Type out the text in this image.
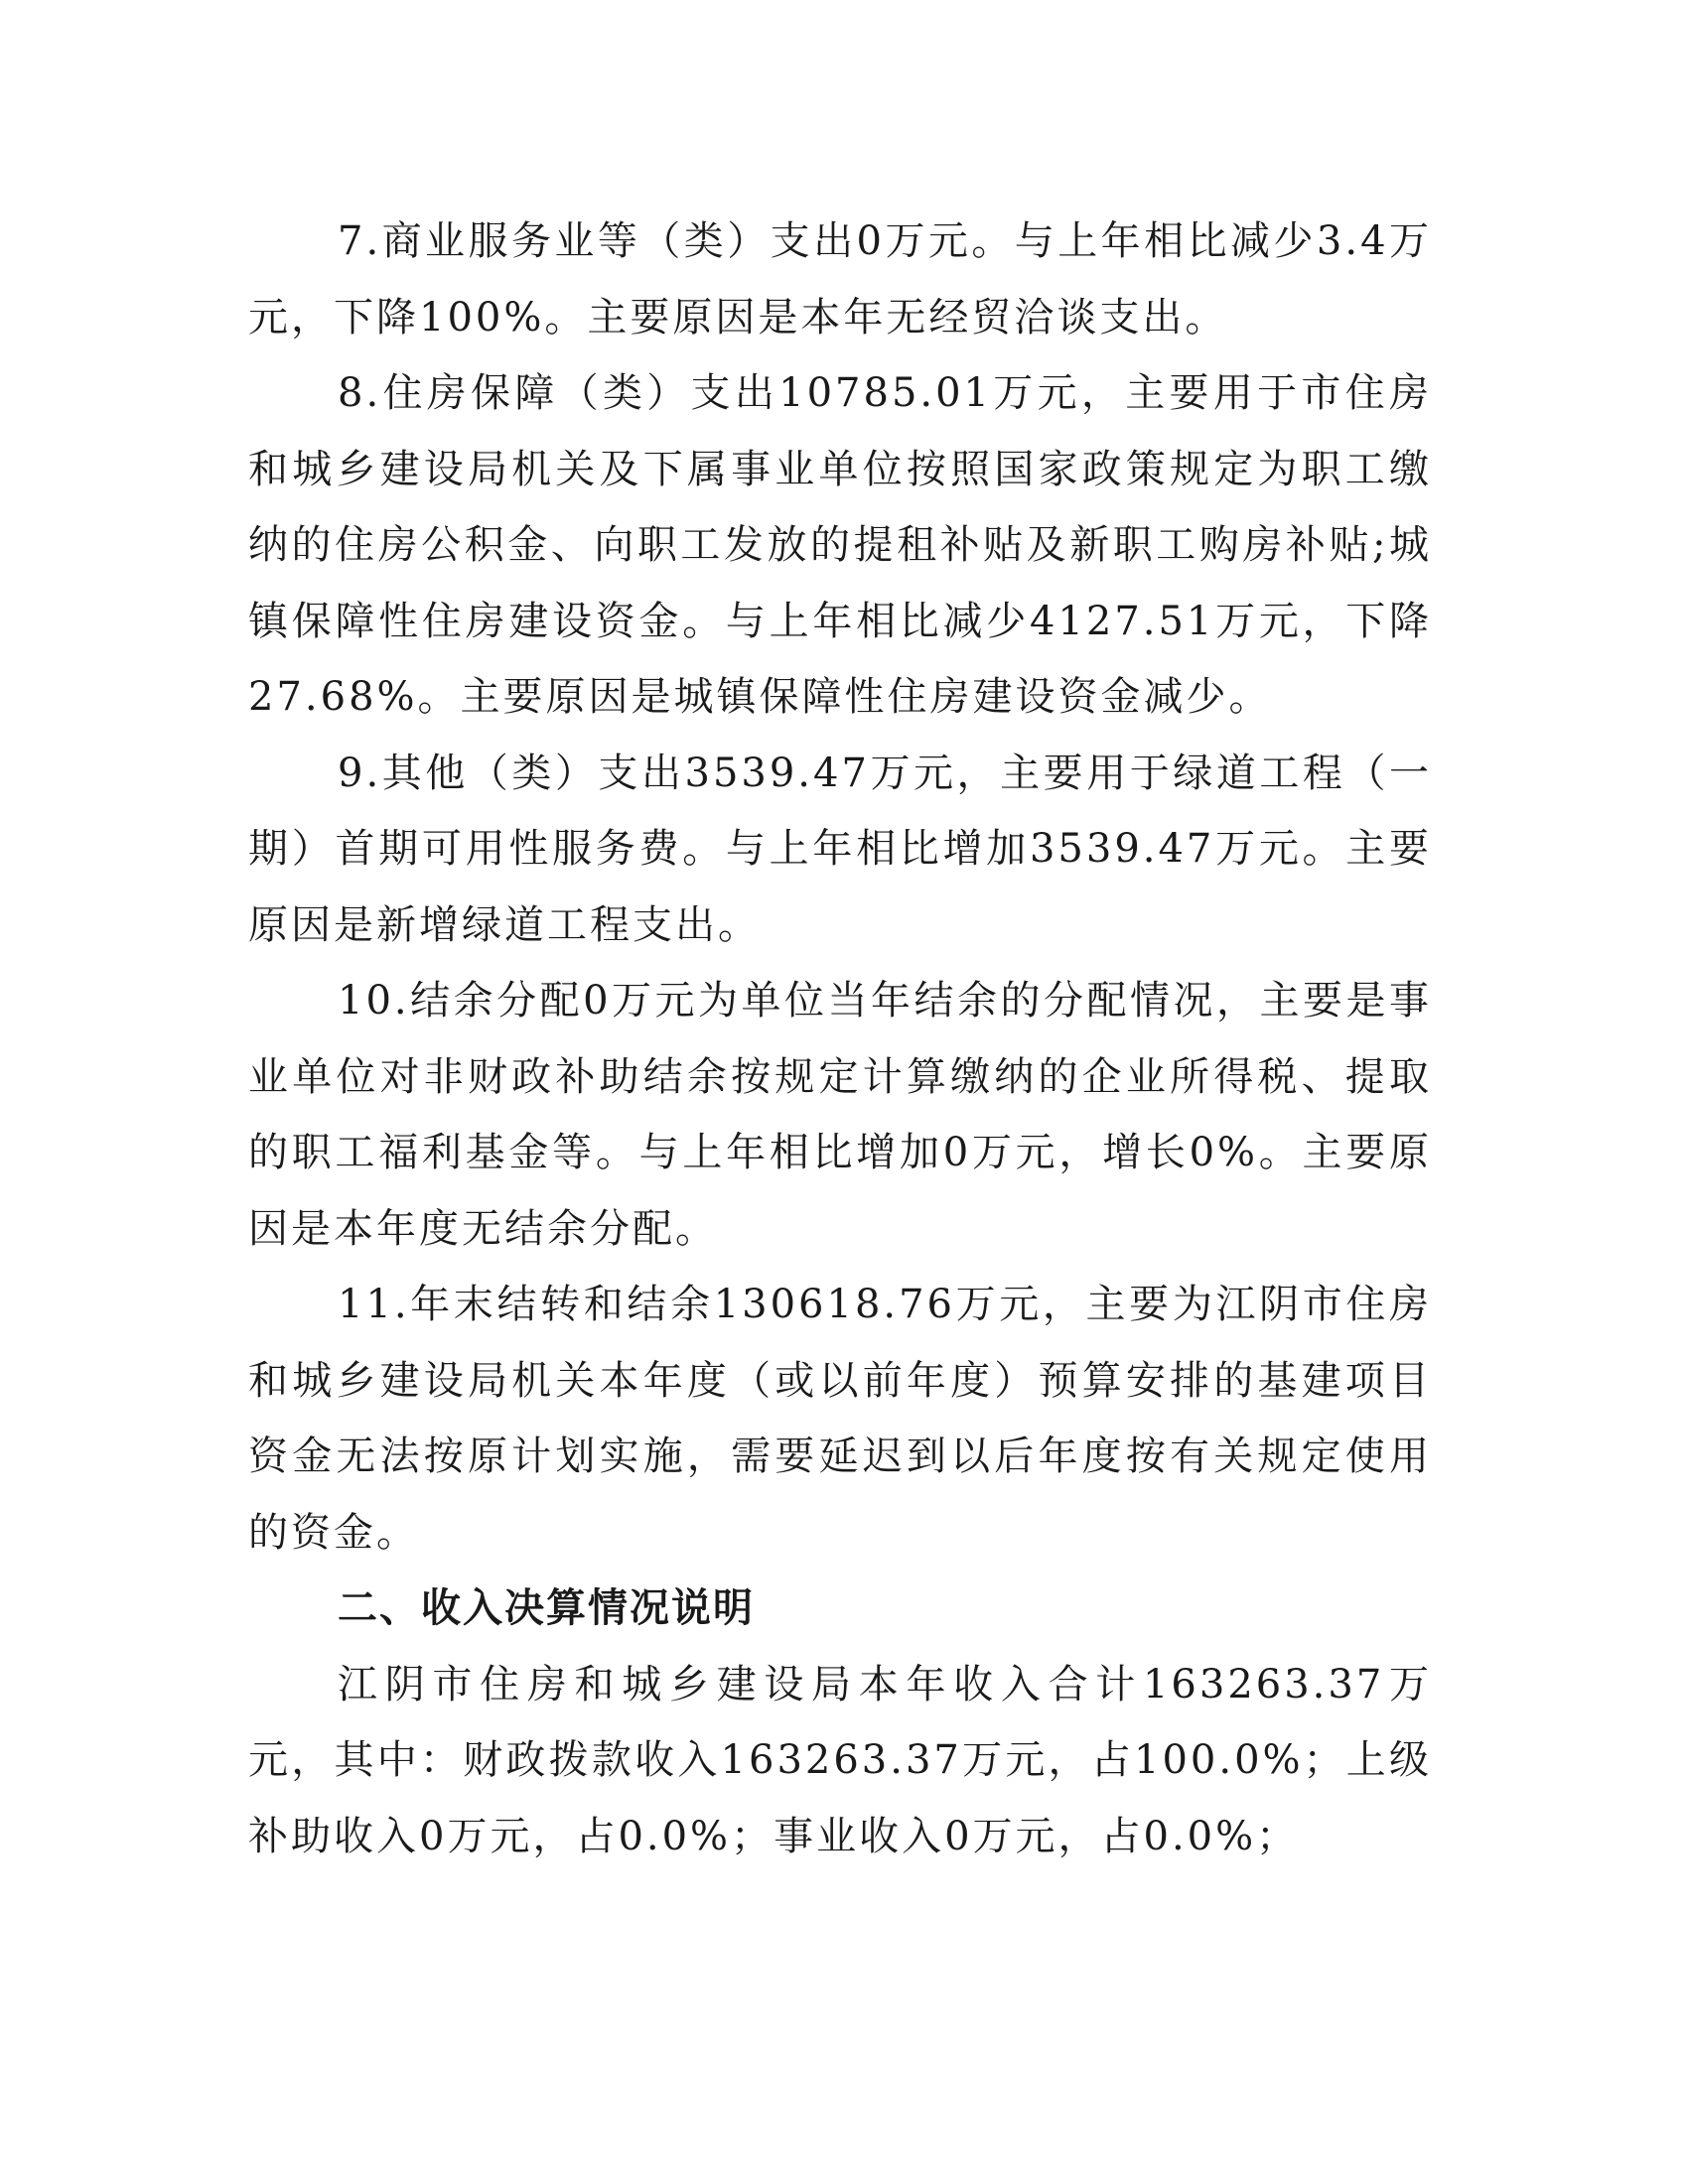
7.商业服务业等（类）支出0万元。与上年相比减少3.4万元，下降100%。主要原因是本年无经贸洽谈支出。

8.住房保障（类）支出10785.01万元，主要用于市住房和城乡建设局机关及下属事业单位按照国家政策规定为职工缴纳的住房公积金、向职工发放的提租补贴及新职工购房补贴;城镇保障性住房建设资金。与上年相比减少4127.51万元，下降27.68%。主要原因是城镇保障性住房建设资金减少。

9.其他（类）支出3539.47万元，主要用于绿道工程（一期）首期可用性服务费。与上年相比增加3539.47万元。主要原因是新增绿道工程支出。

10.结余分配0万元为单位当年结余的分配情况，主要是事业单位对非财政补助结余按规定计算缴纳的企业所得税、提取的职工福利基金等。与上年相比增加0万元，增长0%。主要原因是本年度无结余分配。

11.年末结转和结余130618.76万元，主要为江阴市住房和城乡建设局机关本年度（或以前年度）预算安排的基建项目资金无法按原计划实施，需要延迟到以后年度按有关规定使用的资金。

二、收入决算情况说明

江阴市住房和城乡建设局本年收入合计163263.37万元，其中：财政拨款收入163263.37万元，占100.0%；上级补助收入0万元，占0.0%；事业收入0万元，占0.0%；
